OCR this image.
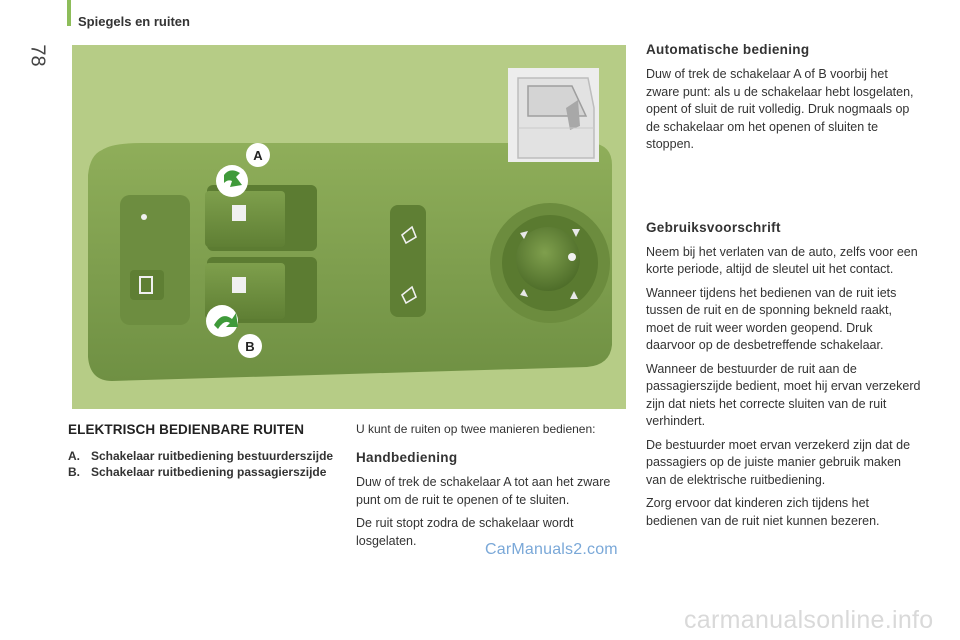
78
Spiegels en ruiten
A
B
ELEKTRISCH BEDIENBARE RUITEN
A. Schakelaar ruitbediening bestuurderszijde
B. Schakelaar ruitbediening passagierszijde
U kunt de ruiten op twee manieren bedienen:
Handbediening

Duw of trek de schakelaar A tot aan het zware punt om de ruit te openen of te sluiten.

De ruit stopt zodra de schakelaar wordt losgelaten.

Automatische bediening

Duw of trek de schakelaar A of B voorbij het zware punt: als u de schakelaar hebt losgelaten, opent of sluit de ruit volledig. Druk nogmaals op de schakelaar om het openen of sluiten te stoppen.

Gebruiksvoorschrift

Neem bij het verlaten van de auto, zelfs voor een korte periode, altijd de sleutel uit het contact.

Wanneer tijdens het bedienen van de ruit iets tussen de ruit en de sponning bekneld raakt, moet de ruit weer worden geopend. Druk daarvoor op de desbetreffende schakelaar.

Wanneer de bestuurder de ruit aan de passagierszijde bedient, moet hij ervan verzekerd zijn dat niets het correcte sluiten van de ruit verhindert.

De bestuurder moet ervan verzekerd zijn dat de passagiers op de juiste manier gebruik maken van de elektrische ruitbediening.

Zorg ervoor dat kinderen zich tijdens het bedienen van de ruit niet kunnen bezeren.

CarManuals2.com
carmanualsonline.info
